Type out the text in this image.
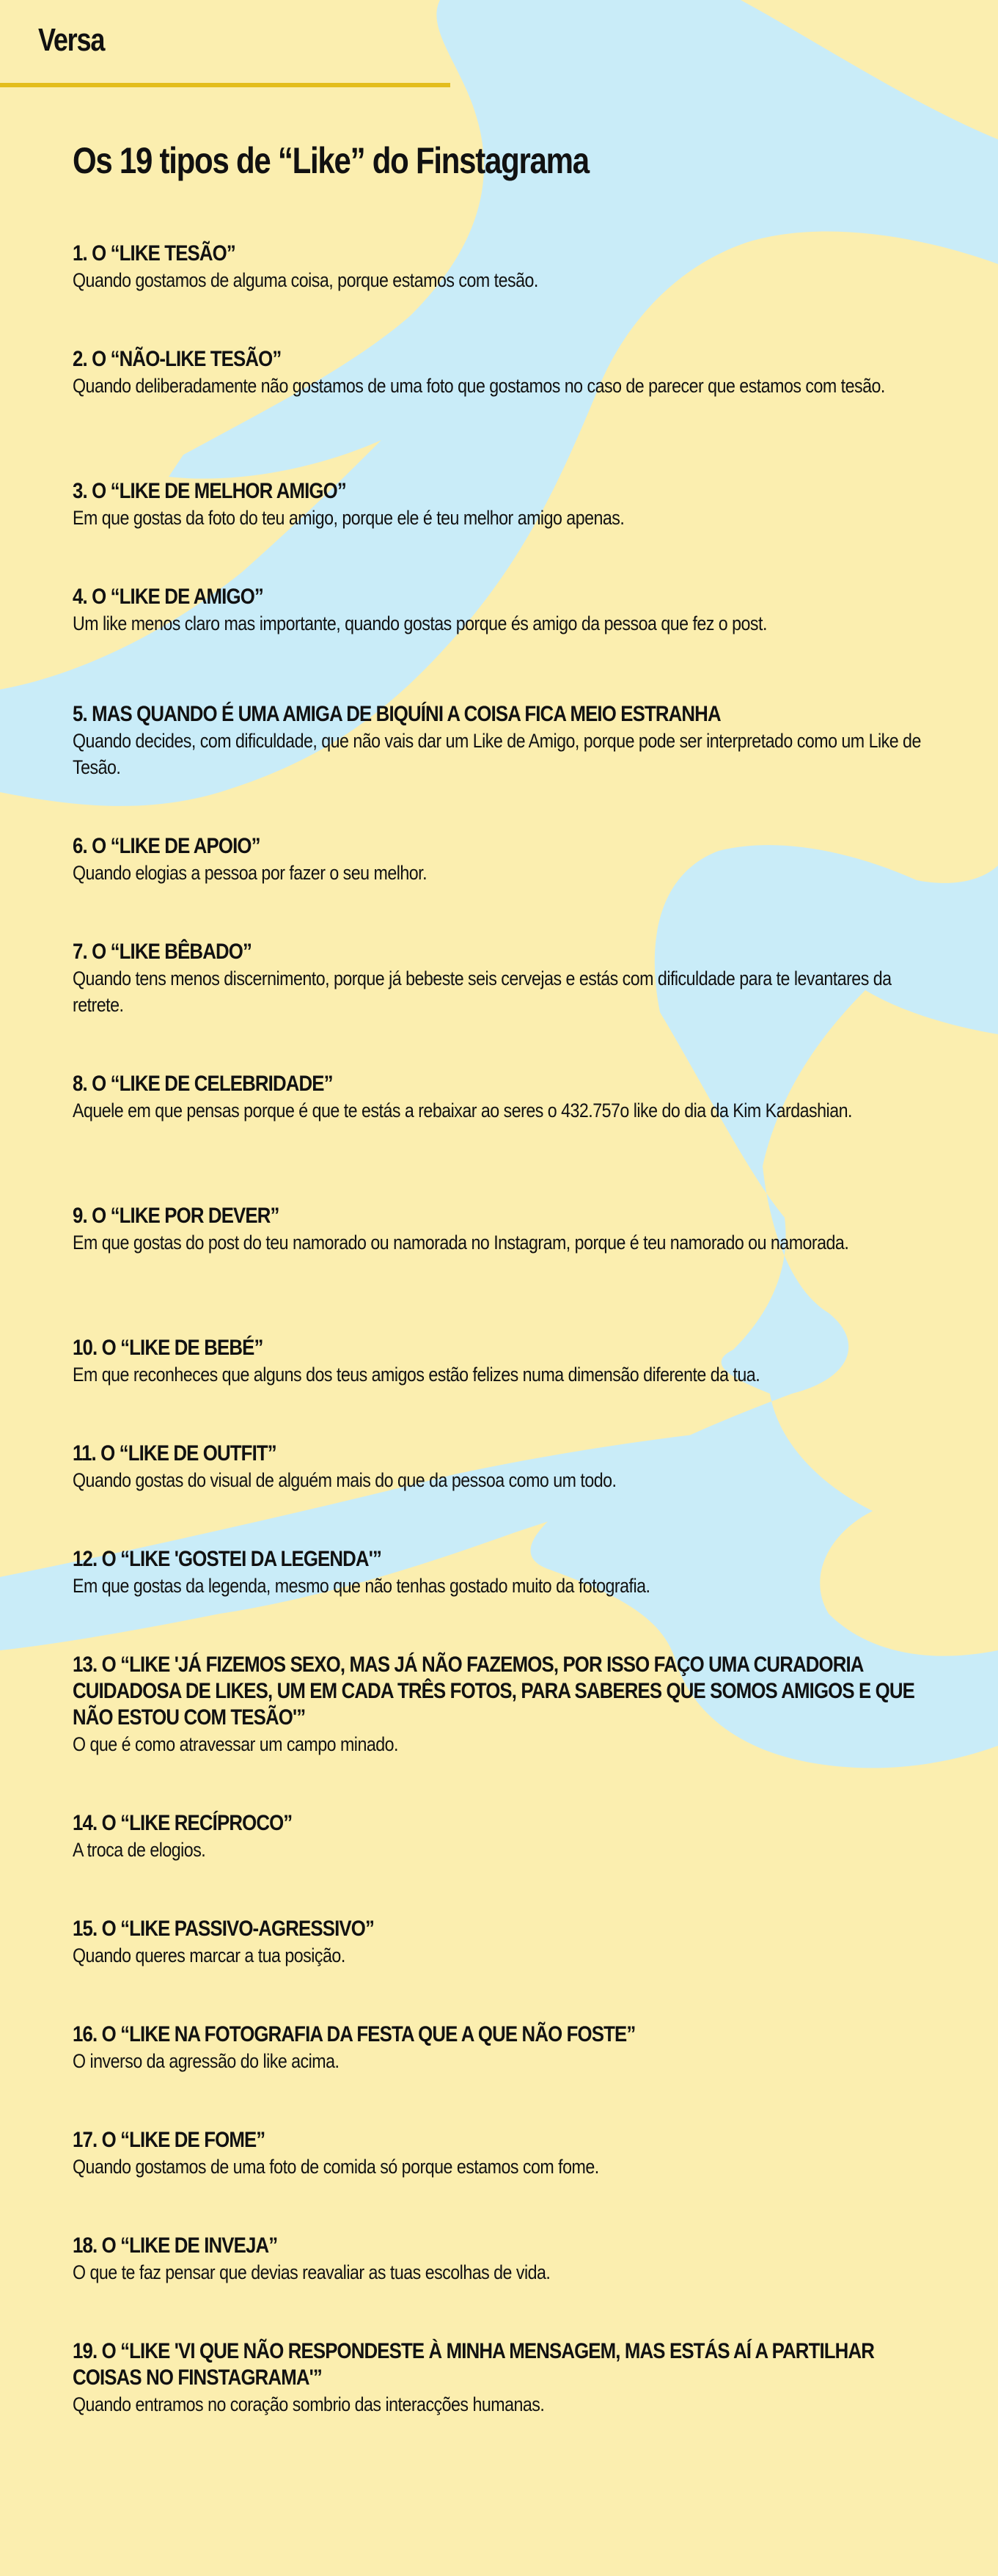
Versa
Os 19 tipos de “Like” do Finstagrama
1. O “LIKE TESÃO”
Quando gostamos de alguma coisa, porque estamos com tesão.
2. O “NÃO-LIKE TESÃO”
Quando deliberadamente não gostamos de uma foto que gostamos no caso de parecer que estamos com tesão.
3. O “LIKE DE MELHOR AMIGO”
Em que gostas da foto do teu amigo, porque ele é teu melhor amigo apenas.
4. O “LIKE DE AMIGO”
Um like menos claro mas importante, quando gostas porque és amigo da pessoa que fez o post.
5. MAS QUANDO É UMA AMIGA DE BIQUÍNI A COISA FICA MEIO ESTRANHA
Quando decides, com dificuldade, que não vais dar um Like de Amigo, porque pode ser interpretado como um Like de Tesão.
6. O “LIKE DE APOIO”
Quando elogias a pessoa por fazer o seu melhor.
7. O “LIKE BÊBADO”
Quando tens menos discernimento, porque já bebeste seis cervejas e estás com dificuldade para te levantares da retrete.
8. O “LIKE DE CELEBRIDADE”
Aquele em que pensas porque é que te estás a rebaixar ao seres o 432.757o like do dia da Kim Kardashian.
9. O “LIKE POR DEVER”
Em que gostas do post do teu namorado ou namorada no Instagram, porque é teu namorado ou namorada.
10. O “LIKE DE BEBÉ”
Em que reconheces que alguns dos teus amigos estão felizes numa dimensão diferente da tua.
11. O “LIKE DE OUTFIT”
Quando gostas do visual de alguém mais do que da pessoa como um todo.
12. O “LIKE 'GOSTEI DA LEGENDA'”
Em que gostas da legenda, mesmo que não tenhas gostado muito da fotografia.
13. O “LIKE 'JÁ FIZEMOS SEXO, MAS JÁ NÃO FAZEMOS, POR ISSO FAÇO UMA CURADORIA CUIDADOSA DE LIKES, UM EM CADA TRÊS FOTOS, PARA SABERES QUE SOMOS AMIGOS E QUE NÃO ESTOU COM TESÃO'”
O que é como atravessar um campo minado.
14. O “LIKE RECÍPROCO”
A troca de elogios.
15. O “LIKE PASSIVO-AGRESSIVO”
Quando queres marcar a tua posição.
16. O “LIKE NA FOTOGRAFIA DA FESTA QUE A QUE NÃO FOSTE”
O inverso da agressão do like acima.
17. O “LIKE DE FOME”
Quando gostamos de uma foto de comida só porque estamos com fome.
18. O “LIKE DE INVEJA”
O que te faz pensar que devias reavaliar as tuas escolhas de vida.
19. O “LIKE 'VI QUE NÃO RESPONDESTE À MINHA MENSAGEM, MAS ESTÁS AÍ A PARTILHAR COISAS NO FINSTAGRAMA'”
Quando entramos no coração sombrio das interacções humanas.
